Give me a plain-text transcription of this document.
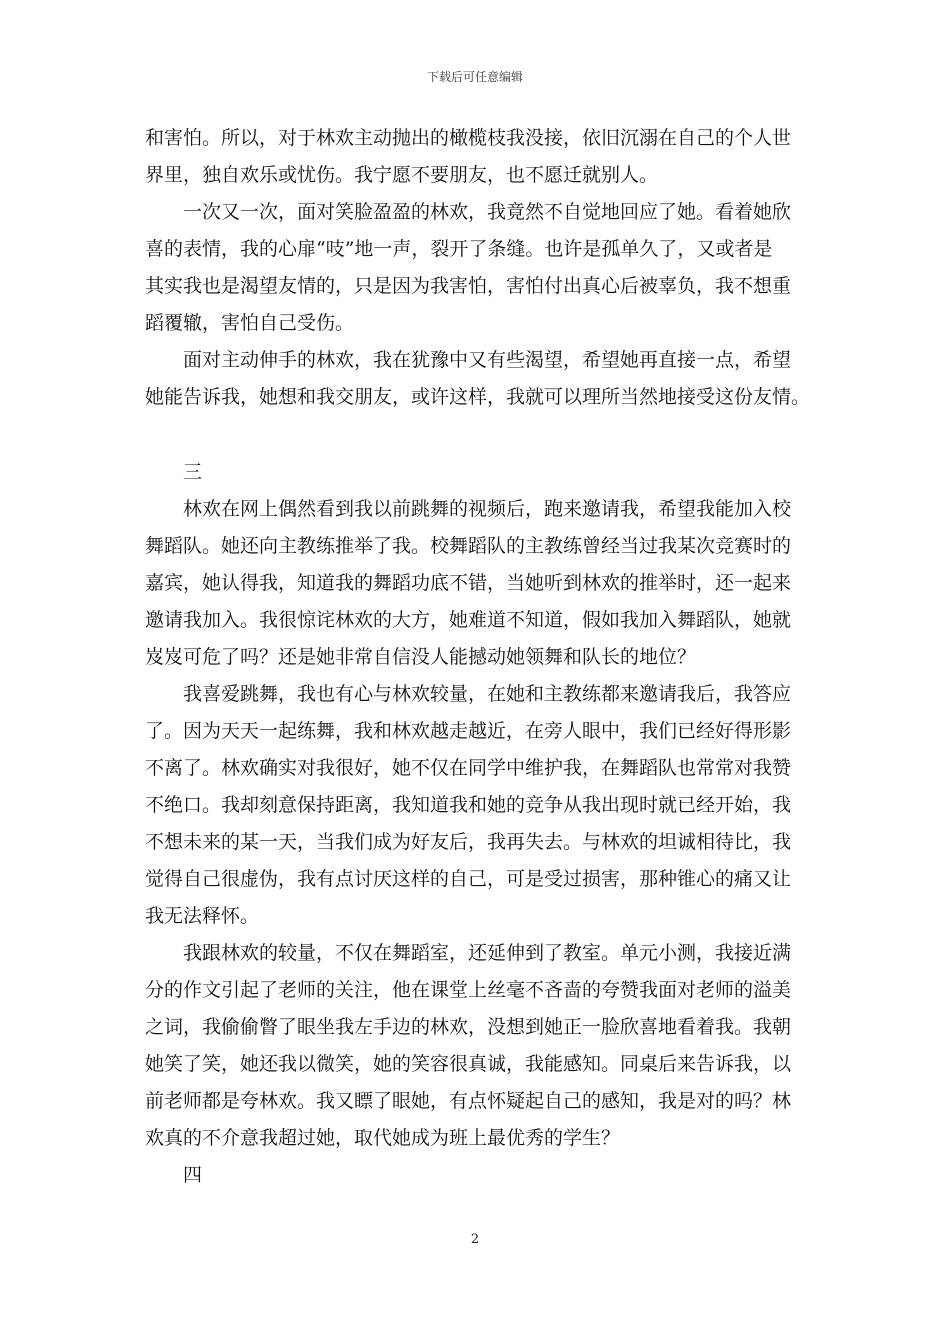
下载后可任意编辑
和害怕。所以，对于林欢主动抛出的橄榄枝我没接，依旧沉溺在自己的个人世
界里，独自欢乐或忧伤。我宁愿不要朋友，也不愿迁就别人。
一次又一次，面对笑脸盈盈的林欢，我竟然不自觉地回应了她。看着她欣
喜的表情，我的心扉“吱”地一声，裂开了条缝。也许是孤单久了，又或者是
其实我也是渴望友情的，只是因为我害怕，害怕付出真心后被辜负，我不想重
蹈覆辙，害怕自己受伤。
面对主动伸手的林欢，我在犹豫中又有些渴望，希望她再直接一点，希望
她能告诉我，她想和我交朋友，或许这样，我就可以理所当然地接受这份友情。
三
林欢在网上偶然看到我以前跳舞的视频后，跑来邀请我，希望我能加入校
舞蹈队。她还向主教练推举了我。校舞蹈队的主教练曾经当过我某次竞赛时的
嘉宾，她认得我，知道我的舞蹈功底不错，当她听到林欢的推举时，还一起来
邀请我加入。我很惊诧林欢的大方，她难道不知道，假如我加入舞蹈队，她就
岌岌可危了吗？还是她非常自信没人能撼动她领舞和队长的地位？
我喜爱跳舞，我也有心与林欢较量，在她和主教练都来邀请我后，我答应
了。因为天天一起练舞，我和林欢越走越近，在旁人眼中，我们已经好得形影
不离了。林欢确实对我很好，她不仅在同学中维护我，在舞蹈队也常常对我赞
不绝口。我却刻意保持距离，我知道我和她的竞争从我出现时就已经开始，我
不想未来的某一天，当我们成为好友后，我再失去。与林欢的坦诚相待比，我
觉得自己很虚伪，我有点讨厌这样的自己，可是受过损害，那种锥心的痛又让
我无法释怀。
我跟林欢的较量，不仅在舞蹈室，还延伸到了教室。单元小测，我接近满
分的作文引起了老师的关注，他在课堂上丝毫不吝啬的夸赞我面对老师的溢美
之词，我偷偷瞥了眼坐我左手边的林欢，没想到她正一脸欣喜地看着我。我朝
她笑了笑，她还我以微笑，她的笑容很真诚，我能感知。同桌后来告诉我，以
前老师都是夸林欢。我又瞟了眼她，有点怀疑起自己的感知，我是对的吗？林
欢真的不介意我超过她，取代她成为班上最优秀的学生？
四
2
